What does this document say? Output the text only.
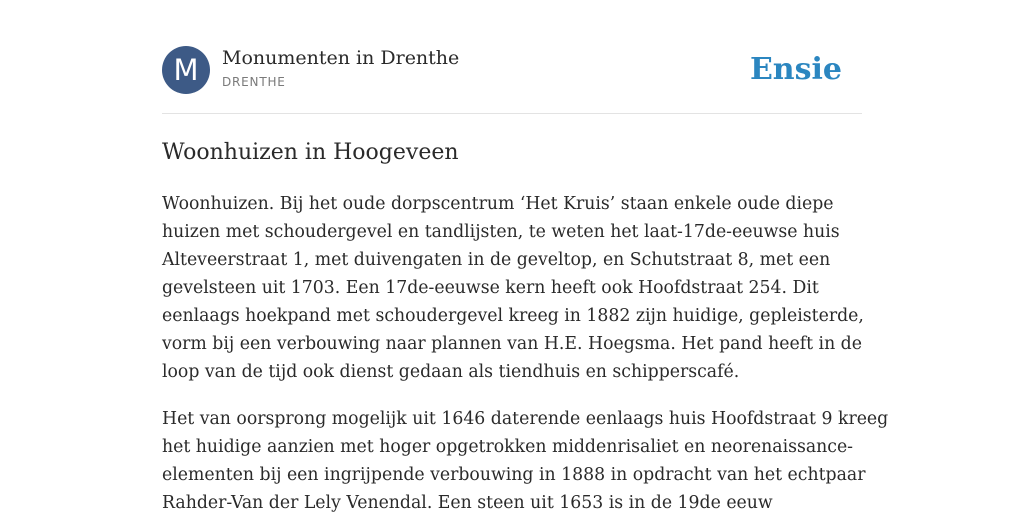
M	Monumenten in Drenthe
DRENTHE	Ensie
Woonhuizen in Hoogeveen
Woonhuizen. Bij het oude dorpscentrum ‘Het Kruis’ staan enkele oude diepe
huizen met schoudergevel en tandlijsten, te weten het laat-17de-eeuwse huis
Alteveerstraat 1, met duivengaten in de geveltop, en Schutstraat 8, met een
gevelsteen uit 1703. Een 17de-eeuwse kern heeft ook Hoofdstraat 254. Dit
eenlaags hoekpand met schoudergevel kreeg in 1882 zijn huidige, gepleisterde,
vorm bij een verbouwing naar plannen van H.E. Hoegsma. Het pand heeft in de
loop van de tijd ook dienst gedaan als tiendhuis en schipperscafé.
Het van oorsprong mogelijk uit 1646 daterende eenlaags huis Hoofdstraat 9 kreeg
het huidige aanzien met hoger opgetrokken middenrisaliet en neorenaissance-
elementen bij een ingrijpende verbouwing in 1888 in opdracht van het echtpaar
Rahder-Van der Lely Venendal. Een steen uit 1653 is in de 19de eeuw
